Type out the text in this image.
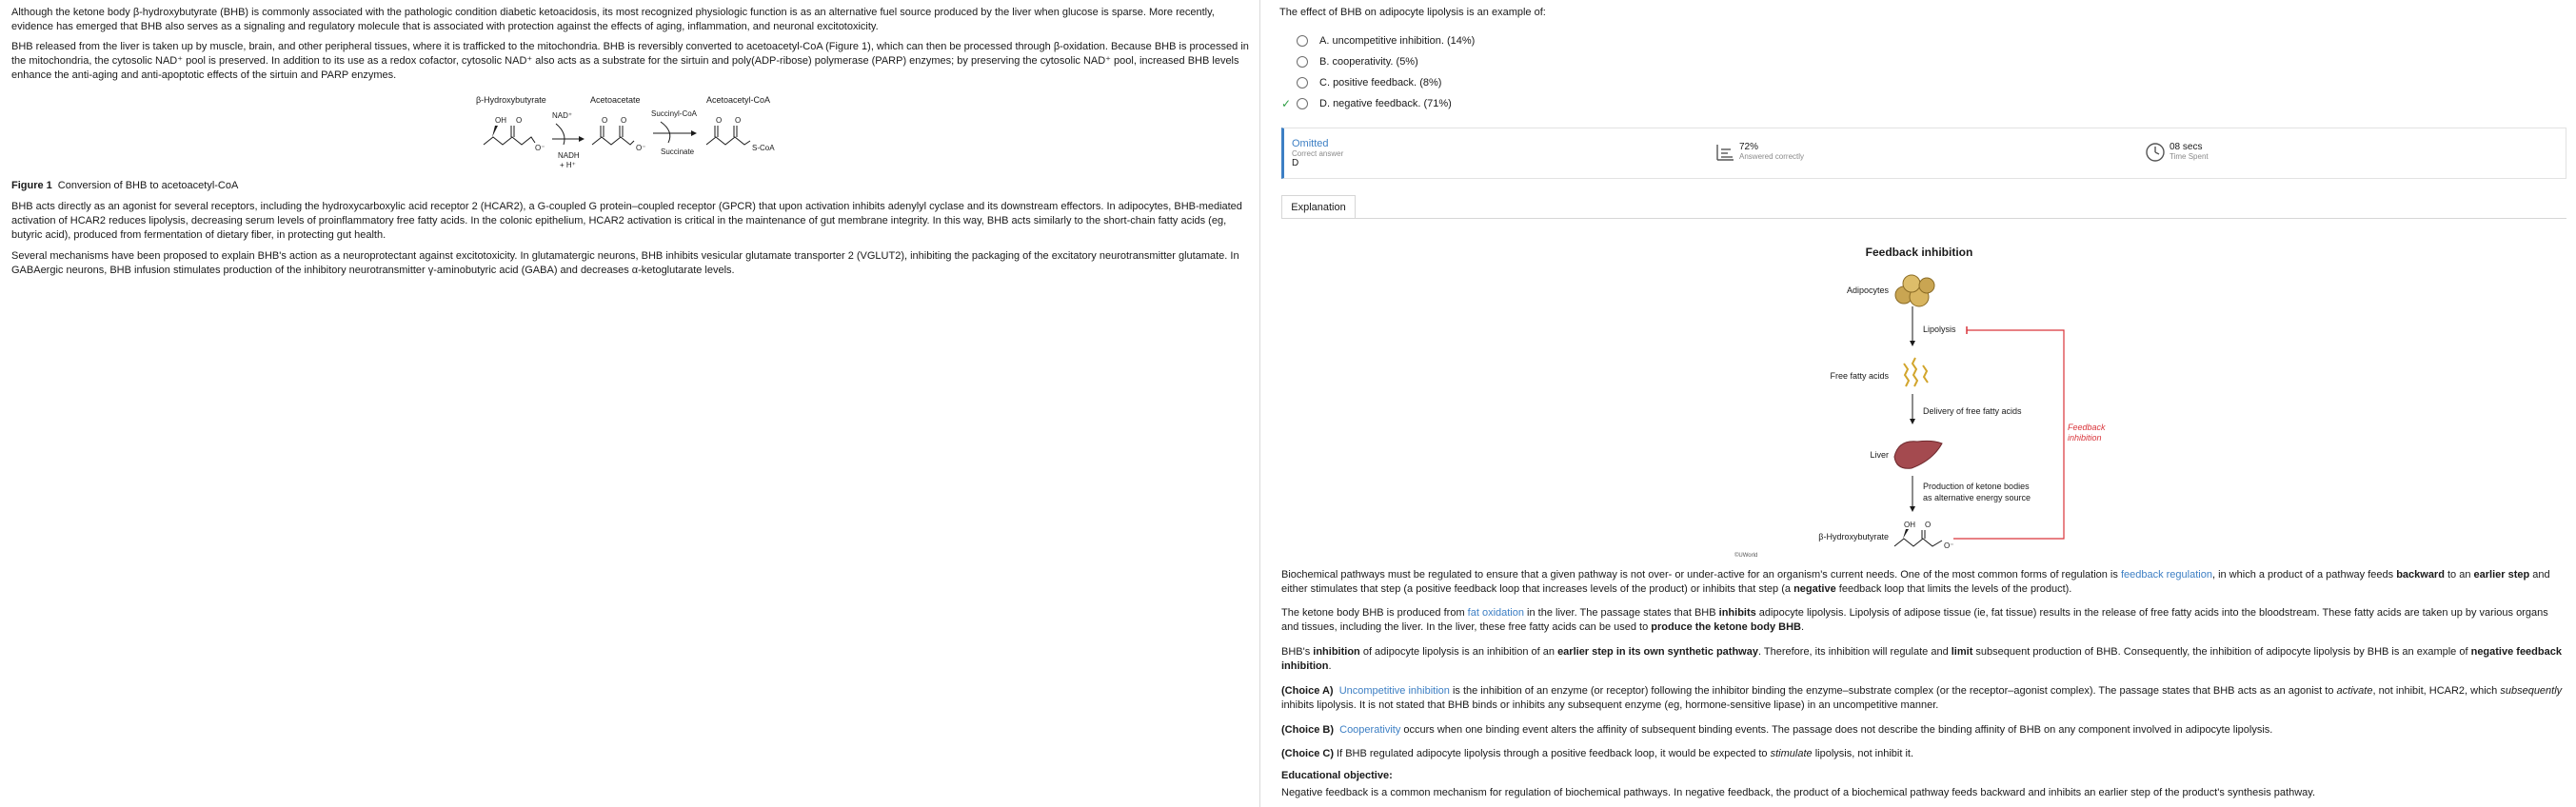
Although the ketone body β-hydroxybutyrate (BHB) is commonly associated with the pathologic condition diabetic ketoacidosis, its most recognized physiologic function is as an alternative fuel source produced by the liver when glucose is sparse. More recently, evidence has emerged that BHB also serves as a signaling and regulatory molecule that is associated with protection against the effects of aging, inflammation, and neuronal excitotoxicity.

BHB released from the liver is taken up by muscle, brain, and other peripheral tissues, where it is trafficked to the mitochondria. BHB is reversibly converted to acetoacetyl-CoA (Figure 1), which can then be processed through β-oxidation. Because BHB is processed in the mitochondria, the cytosolic NAD⁺ pool is preserved. In addition to its use as a redox cofactor, cytosolic NAD⁺ also acts as a substrate for the sirtuin and poly(ADP-ribose) polymerase (PARP) enzymes; by preserving the cytosolic NAD⁺ pool, increased BHB levels enhance the anti-aging and anti-apoptotic effects of the sirtuin and PARP enzymes.

β-Hydroxybutyrate	Acetoacetate	Acetoacetyl-CoA
OH O
O⁻
NAD⁺
NADH
+ H⁺
O O
O⁻
Succinyl-CoA
Succinate
O O
S-CoA
Figure 1 Conversion of BHB to acetoacetyl-CoA

BHB acts directly as an agonist for several receptors, including the hydroxycarboxylic acid receptor 2 (HCAR2), a G-coupled G protein–coupled receptor (GPCR) that upon activation inhibits adenylyl cyclase and its downstream effectors. In adipocytes, BHB-mediated activation of HCAR2 reduces lipolysis, decreasing serum levels of proinflammatory free fatty acids. In the colonic epithelium, HCAR2 activation is critical in the maintenance of gut membrane integrity. In this way, BHB acts similarly to the short-chain fatty acids (eg, butyric acid), produced from fermentation of dietary fiber, in protecting gut health.

Several mechanisms have been proposed to explain BHB's action as a neuroprotectant against excitotoxicity. In glutamatergic neurons, BHB inhibits vesicular glutamate transporter 2 (VGLUT2), inhibiting the packaging of the excitatory neurotransmitter glutamate. In GABAergic neurons, BHB infusion stimulates production of the inhibitory neurotransmitter γ-aminobutyric acid (GABA) and decreases α-ketoglutarate levels.

The effect of BHB on adipocyte lipolysis is an example of:
A.
uncompetitive inhibition.
(14%)
B.
cooperativity.
(5%)
C.
positive feedback.
(8%)
✓	D.
negative feedback.
(71%)
Omitted
Correct answer
D
72%
Answered correctly
08 secs
Time Spent
Explanation
Feedback inhibition
Adipocytes
Lipolysis
Free fatty acids
Delivery of free fatty acids
Liver
Production of ketone bodies
as alternative energy source
β-Hydroxybutyrate
OH O
O⁻
Feedback
inhibition
©UWorld

Biochemical pathways must be regulated to ensure that a given pathway is not over- or under-active for an organism's current needs. One of the most common forms of regulation is feedback regulation, in which a product of a pathway feeds backward to an earlier step and either stimulates that step (a positive feedback loop that increases levels of the product) or inhibits that step (a negative feedback loop that limits the levels of the product).

The ketone body BHB is produced from fat oxidation in the liver. The passage states that BHB inhibits adipocyte lipolysis. Lipolysis of adipose tissue (ie, fat tissue) results in the release of free fatty acids into the bloodstream. These fatty acids are taken up by various organs and tissues, including the liver. In the liver, these free fatty acids can be used to produce the ketone body BHB.

BHB's inhibition of adipocyte lipolysis is an inhibition of an earlier step in its own synthetic pathway. Therefore, its inhibition will regulate and limit subsequent production of BHB. Consequently, the inhibition of adipocyte lipolysis by BHB is an example of negative feedback inhibition.

(Choice A) Uncompetitive inhibition is the inhibition of an enzyme (or receptor) following the inhibitor binding the enzyme–substrate complex (or the receptor–agonist complex). The passage states that BHB acts as an agonist to activate, not inhibit, HCAR2, which subsequently inhibits lipolysis. It is not stated that BHB binds or inhibits any subsequent enzyme (eg, hormone-sensitive lipase) in an uncompetitive manner.

(Choice B) Cooperativity occurs when one binding event alters the affinity of subsequent binding events. The passage does not describe the binding affinity of BHB on any component involved in adipocyte lipolysis.

(Choice C) If BHB regulated adipocyte lipolysis through a positive feedback loop, it would be expected to stimulate lipolysis, not inhibit it.

Educational objective:

Negative feedback is a common mechanism for regulation of biochemical pathways. In negative feedback, the product of a biochemical pathway feeds backward and inhibits an earlier step of the product's synthesis pathway.
